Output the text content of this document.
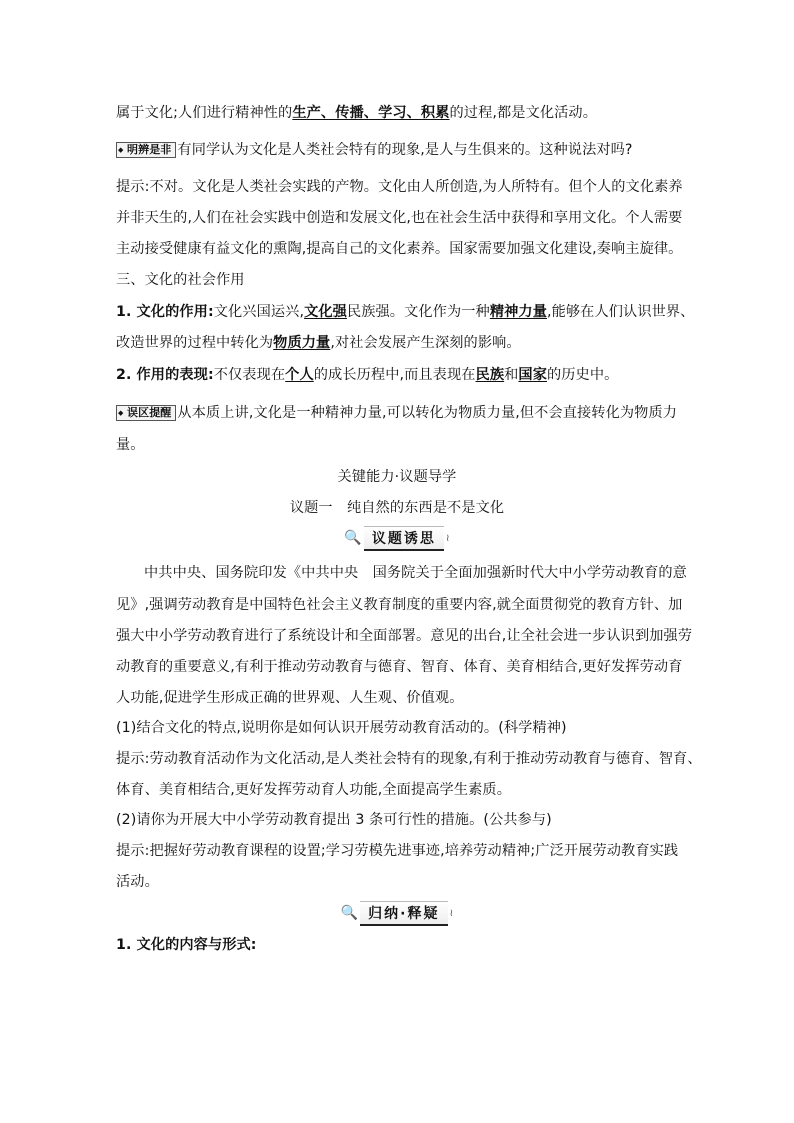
属于文化;人们进行精神性的生产、传播、学习、积累的过程,都是文化活动。
◆ 明辨是非 有同学认为文化是人类社会特有的现象,是人与生俱来的。这种说法对吗?
提示:不对。文化是人类社会实践的产物。文化由人所创造,为人所特有。但个人的文化素养
并非天生的,人们在社会实践中创造和发展文化,也在社会生活中获得和享用文化。个人需要
主动接受健康有益文化的熏陶,提高自己的文化素养。国家需要加强文化建设,奏响主旋律。
三、文化的社会作用
1. 文化的作用:文化兴国运兴,文化强民族强。文化作为一种精神力量,能够在人们认识世界、
改造世界的过程中转化为物质力量,对社会发展产生深刻的影响。
2. 作用的表现:不仅表现在个人的成长历程中,而且表现在民族和国家的历史中。
◆ 误区提醒 从本质上讲,文化是一种精神力量,可以转化为物质力量,但不会直接转化为物质力
量。
关键能力·议题导学
议题一　纯自然的东西是不是文化
🔍 议题诱思	≀
中共中央、国务院印发《中共中央　国务院关于全面加强新时代大中小学劳动教育的意
见》,强调劳动教育是中国特色社会主义教育制度的重要内容,就全面贯彻党的教育方针、加
强大中小学劳动教育进行了系统设计和全面部署。意见的出台,让全社会进一步认识到加强劳
动教育的重要意义,有利于推动劳动教育与德育、智育、体育、美育相结合,更好发挥劳动育
人功能,促进学生形成正确的世界观、人生观、价值观。
(1)结合文化的特点,说明你是如何认识开展劳动教育活动的。(科学精神)
提示:劳动教育活动作为文化活动,是人类社会特有的现象,有利于推动劳动教育与德育、智育、
体育、美育相结合,更好发挥劳动育人功能,全面提高学生素质。
(2)请你为开展大中小学劳动教育提出 3 条可行性的措施。(公共参与)
提示:把握好劳动教育课程的设置;学习劳模先进事迹,培养劳动精神;广泛开展劳动教育实践
活动。
🔍 归纳·释疑	≀
1. 文化的内容与形式:
